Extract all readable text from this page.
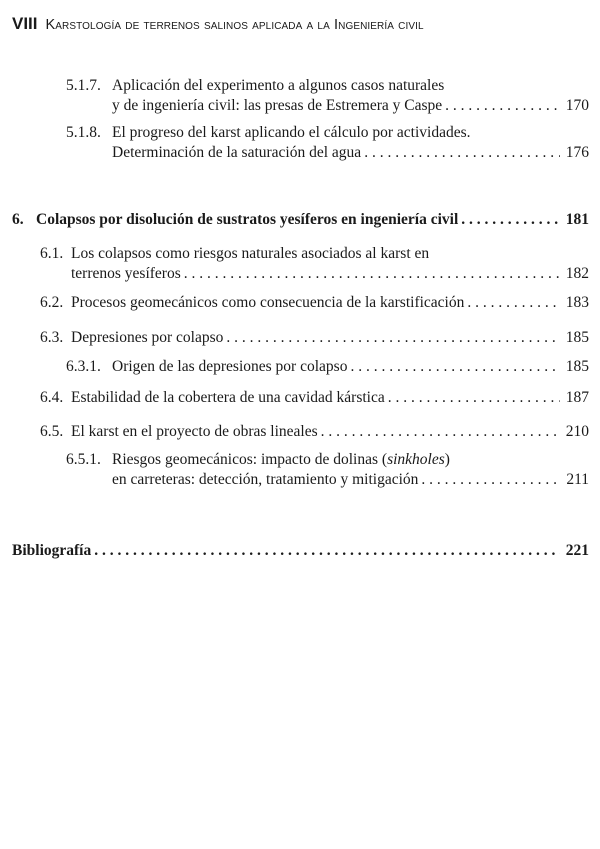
VIII Karstología de terrenos salinos aplicada a la Ingeniería civil
5.1.7. Aplicación del experimento a algunos casos naturales
y de ingeniería civil: las presas de Estremera y Caspe . . .	170
5.1.8. El progreso del karst aplicando el cálculo por actividades.
Determinación de la saturación del agua . . .	176
6. Colapsos por disolución de sustratos yesíferos en ingeniería civil . . .	181
6.1. Los colapsos como riesgos naturales asociados al karst en
terrenos yesíferos . . .	182
6.2. Procesos geomecánicos como consecuencia de la karstificación . . .	183
6.3. Depresiones por colapso . . .	185
6.3.1. Origen de las depresiones por colapso . . .	185
6.4. Estabilidad de la cobertera de una cavidad kárstica . . .	187
6.5. El karst en el proyecto de obras lineales . . .	210
6.5.1. Riesgos geomecánicos: impacto de dolinas (sinkholes)
en carreteras: detección, tratamiento y mitigación . . .	211
Bibliografía . . .	221
